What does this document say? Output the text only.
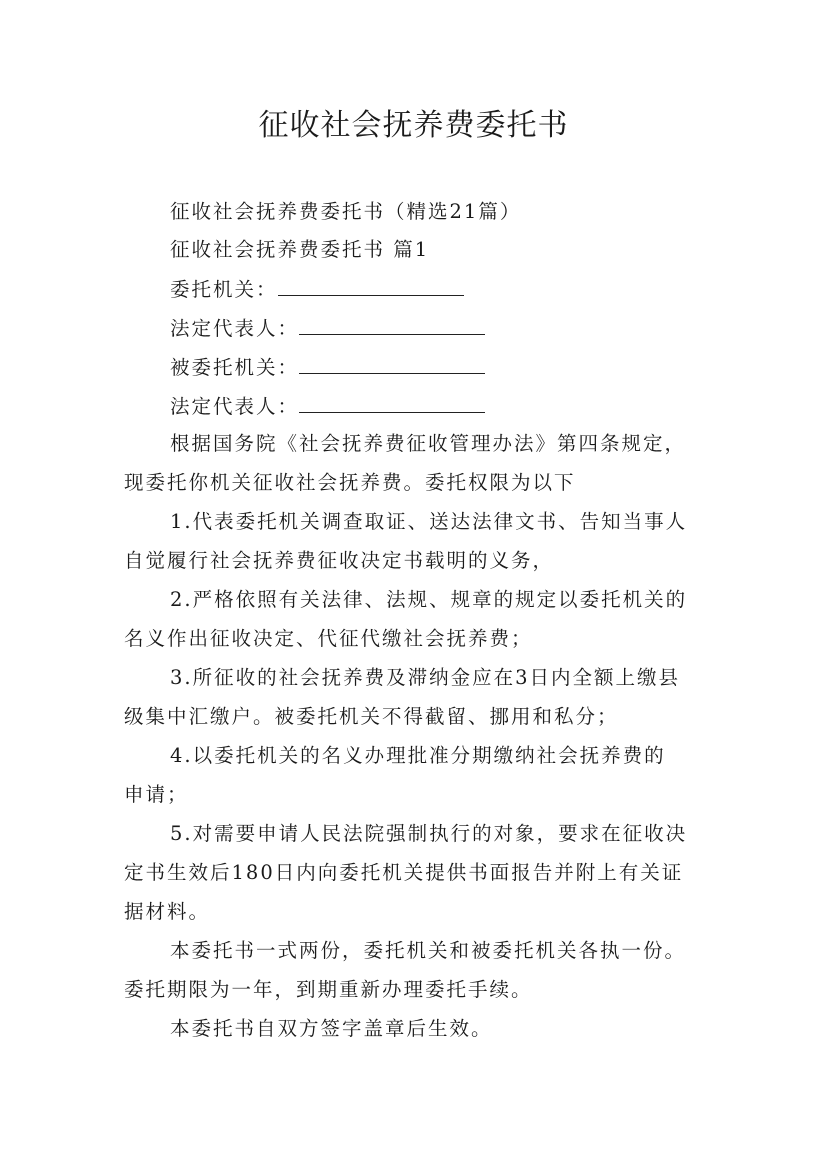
征收社会抚养费委托书
征收社会抚养费委托书（精选21篇）
征收社会抚养费委托书 篇1
委托机关：
法定代表人：
被委托机关：
法定代表人：
根据国务院《社会抚养费征收管理办法》第四条规定，
现委托你机关征收社会抚养费。委托权限为以下
1.代表委托机关调查取证、送达法律文书、告知当事人
自觉履行社会抚养费征收决定书载明的义务，
2.严格依照有关法律、法规、规章的规定以委托机关的
名义作出征收决定、代征代缴社会抚养费；
3.所征收的社会抚养费及滞纳金应在3日内全额上缴县
级集中汇缴户。被委托机关不得截留、挪用和私分；
4.以委托机关的名义办理批准分期缴纳社会抚养费的
申请；
5.对需要申请人民法院强制执行的对象，要求在征收决
定书生效后180日内向委托机关提供书面报告并附上有关证
据材料。
本委托书一式两份，委托机关和被委托机关各执一份。
委托期限为一年，到期重新办理委托手续。
本委托书自双方签字盖章后生效。
